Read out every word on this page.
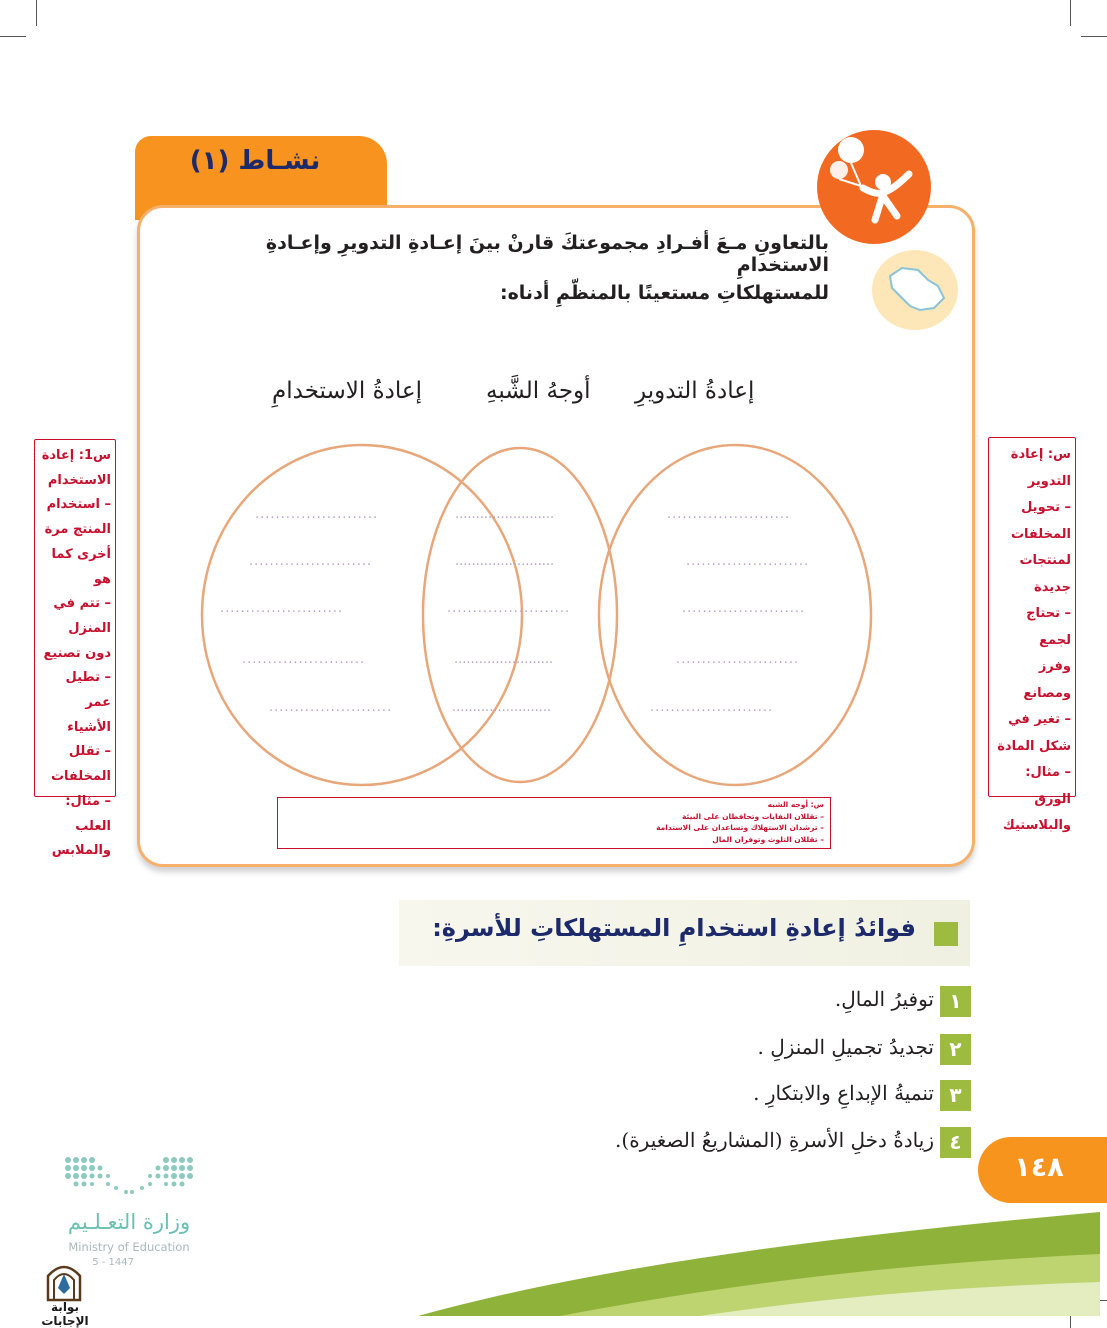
نشـاط (١)
بالتعاونِ مـعَ أفـرادِ مجموعتكَ قارنْ بينَ إعـادةِ التدويرِ وإعـادةِ الاستخدامِ
للمستهلكاتِ مستعينًا بالمنظّمِ أدناه:
إعادةُ الاستخدامِ	أوجهُ الشَّبهِ إعادةُ التدويرِ
........................
........................
........................
........................
........................
........................
........................
........................
........................
........................
........................
........................
........................
........................
........................
س1: إعادة
الاستخدام
– استخدام
المنتج مرة
أخرى كما هو
– تتم في المنزل
دون تصنيع
– تطيل عمر
الأشياء
– تقلل
المخلفات
– مثال:
العلب
والملابس
س: إعادة
التدوير
– تحويل
المخلفات
لمنتجات
جديدة
– تحتاج لجمع
وفرز ومصانع
– تغير في
شكل المادة
– مثال:
الورق
والبلاستيك
س: أوجه الشبه
– تقللان النفايات وتحافظان على البيئة
– ترشدان الاستهلاك وتساعدان على الاستدامة
– تقللان التلوث وتوفران المال
فوائدُ إعادةِ استخدامِ المستهلكاتِ للأسرةِ:
١
توفيرُ المالِ.
٢
تجديدُ تجميلِ المنزلِ .
٣
تنميةُ الإبداعِ والابتكارِ .
٤
زيادةُ دخلِ الأسرةِ (المشاريعُ الصغيرة).
١٤٨
وزارة التعـلـيم
Ministry of Education
5 - 1447
بوابة الإجابات
